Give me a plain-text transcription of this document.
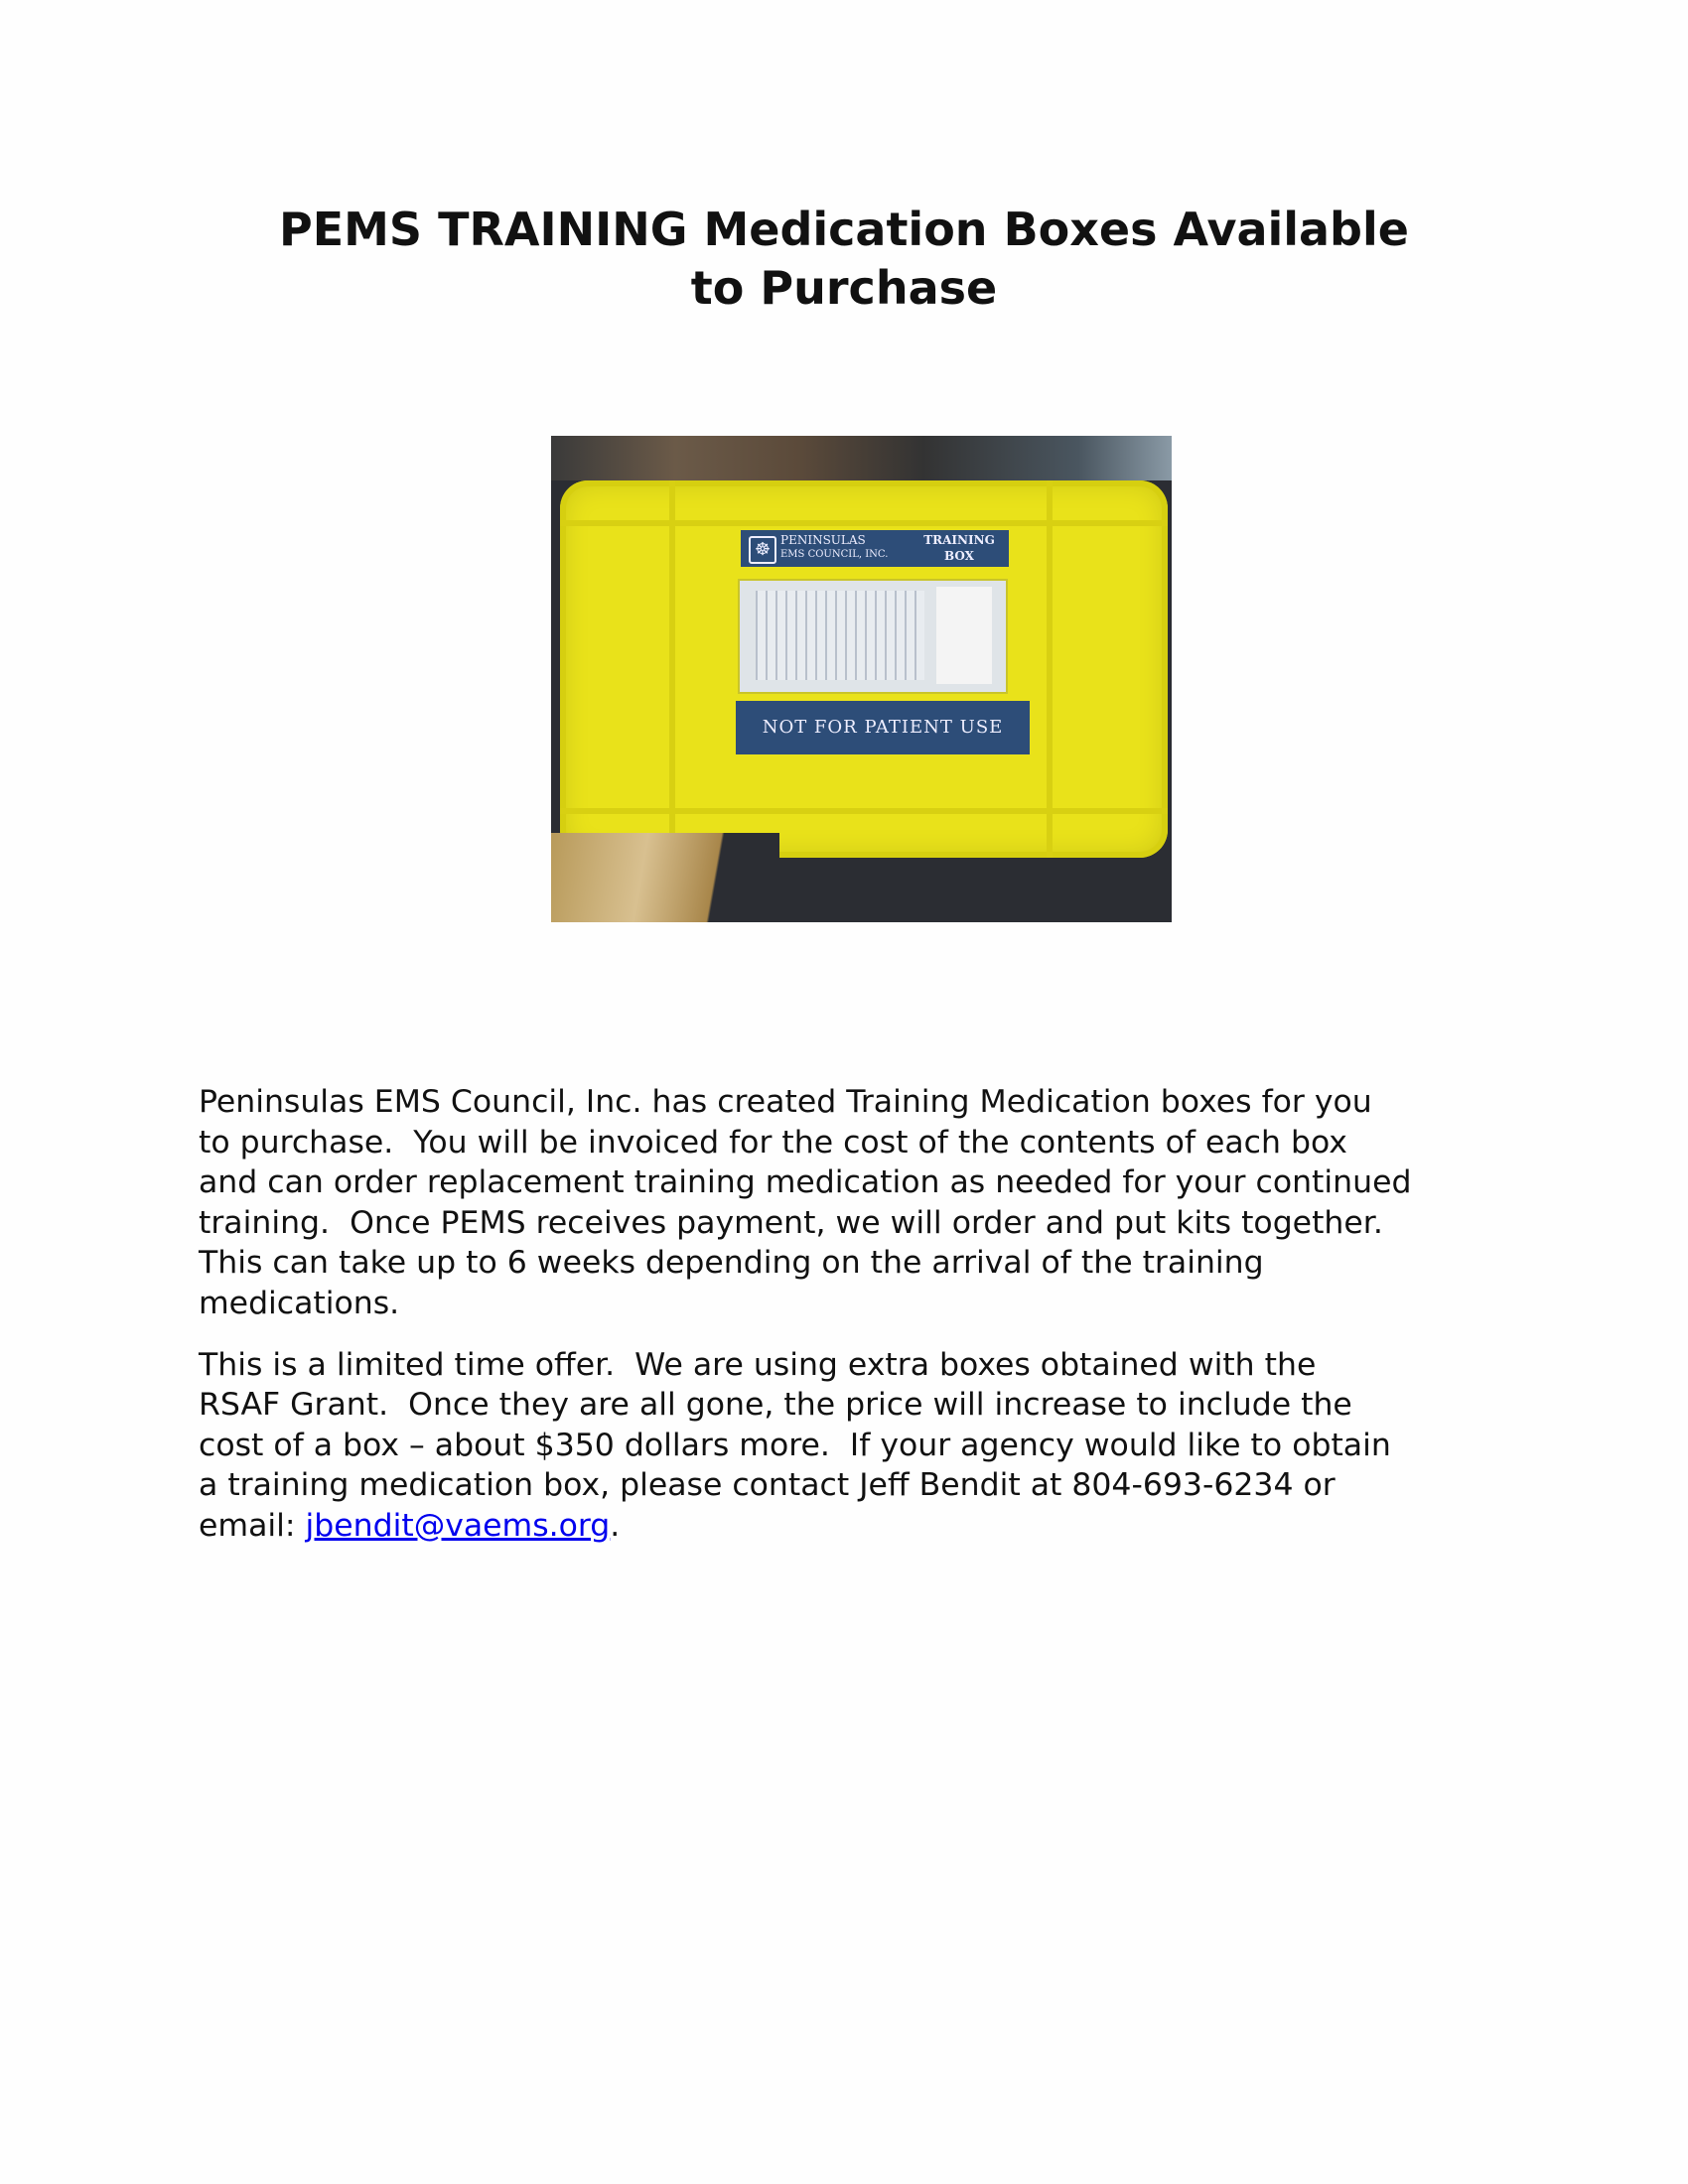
PEMS TRAINING Medication Boxes Available
to Purchase
☸ PENINSULAS
EMS COUNCIL, INC.
TRAINING
BOX
NOT FOR PATIENT USE
Peninsulas EMS Council, Inc. has created Training Medication boxes for you
to purchase.  You will be invoiced for the cost of the contents of each box
and can order replacement training medication as needed for your continued
training.  Once PEMS receives payment, we will order and put kits together.
This can take up to 6 weeks depending on the arrival of the training
medications.
This is a limited time offer.  We are using extra boxes obtained with the
RSAF Grant.  Once they are all gone, the price will increase to include the
cost of a box – about $350 dollars more.  If your agency would like to obtain
a training medication box, please contact Jeff Bendit at 804-693-6234 or
email: jbendit@vaems.org.
